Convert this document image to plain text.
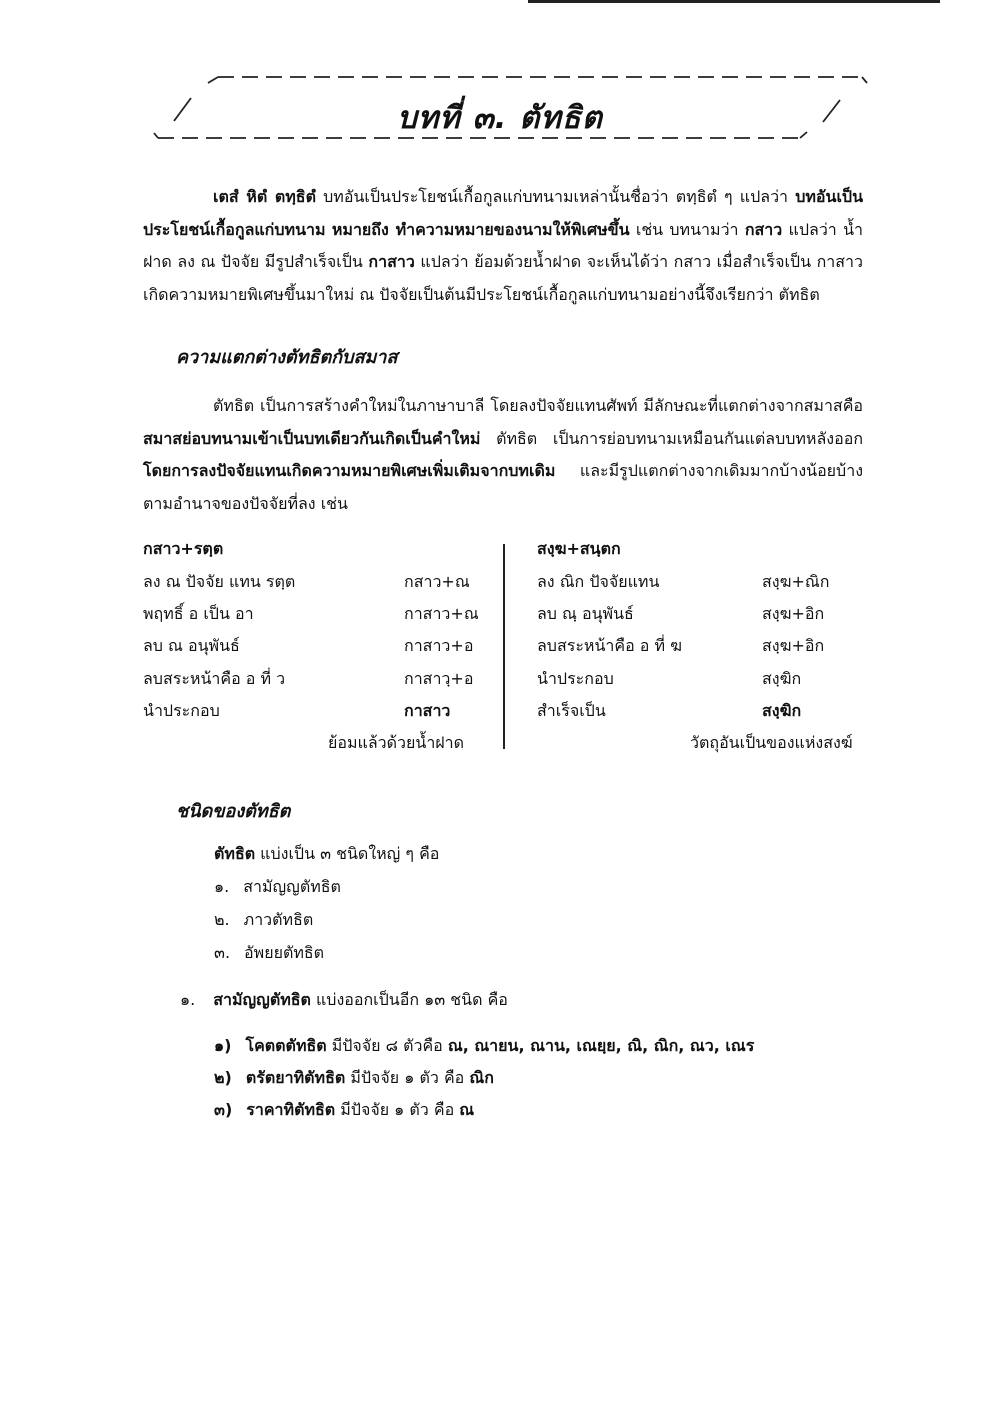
บทที่ ๓. ตัทธิต
เตสํ หิตํ ตทฺธิตํ บทอันเป็นประโยชน์เกื้อกูลแก่บทนามเหล่านั้นชื่อว่า ตทฺธิตํ ๆ แปลว่า บทอันเป็นประโยชน์เกื้อกูลแก่บทนาม หมายถึง ทำความหมายของนามให้พิเศษขึ้น เช่น บทนามว่า กสาว แปลว่า น้ำฝาด ลง ณ ปัจจัย มีรูปสำเร็จเป็น กาสาว แปลว่า ย้อมด้วยน้ำฝาด จะเห็นได้ว่า กสาว เมื่อสำเร็จเป็น กาสาว เกิดความหมายพิเศษขึ้นมาใหม่ ณ ปัจจัยเป็นต้นมีประโยชน์เกื้อกูลแก่บทนามอย่างนี้จึงเรียกว่า ตัทธิต
ความแตกต่างตัทธิตกับสมาส
ตัทธิต เป็นการสร้างคำใหม่ในภาษาบาลี โดยลงปัจจัยแทนศัพท์ มีลักษณะที่แตกต่างจากสมาสคือ สมาสย่อบทนามเข้าเป็นบทเดียวกันเกิดเป็นคำใหม่ ตัทธิต เป็นการย่อบทนามเหมือนกันแต่ลบบทหลังออก โดยการลงปัจจัยแทนเกิดความหมายพิเศษเพิ่มเติมจากบทเดิม และมีรูปแตกต่างจากเดิมมากบ้างน้อยบ้างตามอำนาจของปัจจัยที่ลง เช่น
กสาว+รตฺต
ลง ณ ปัจจัย แทน รตฺต	กสาว+ณ
พฤทธิ์ อ เป็น อา	กาสาว+ณ
ลบ ณ อนุพันธ์	กาสาว+อ
ลบสระหน้าคือ อ ที่ ว	กาสาวฺ+อ
นำประกอบ	กาสาว
ย้อมแล้วด้วยน้ำฝาด
สงฺฆ+สนฺตก
ลง ณิก ปัจจัยแทน	สงฺฆ+ณิก
ลบ ณฺ อนุพันธ์	สงฺฆ+อิก
ลบสระหน้าคือ อ ที่ ฆ	สงฺฆ+อิก
นำประกอบ	สงฺฆิก
สำเร็จเป็น	สงฺฆิก
วัตถุอันเป็นของแห่งสงฆ์
ชนิดของตัทธิต
ตัทธิต แบ่งเป็น ๓ ชนิดใหญ่ ๆ คือ
๑. สามัญญตัทธิต
๒. ภาวตัทธิต
๓. อัพยยตัทธิต
๑. สามัญญตัทธิต แบ่งออกเป็นอีก ๑๓ ชนิด คือ
๑) โคตตตัทธิต มีปัจจัย ๘ ตัวคือ ณ, ณายน, ณาน, เณยฺย, ณิ, ณิก, ณว, เณร
๒) ตรัตยาทิตัทธิต มีปัจจัย ๑ ตัว คือ ณิก
๓) ราคาทิตัทธิต มีปัจจัย ๑ ตัว คือ ณ
